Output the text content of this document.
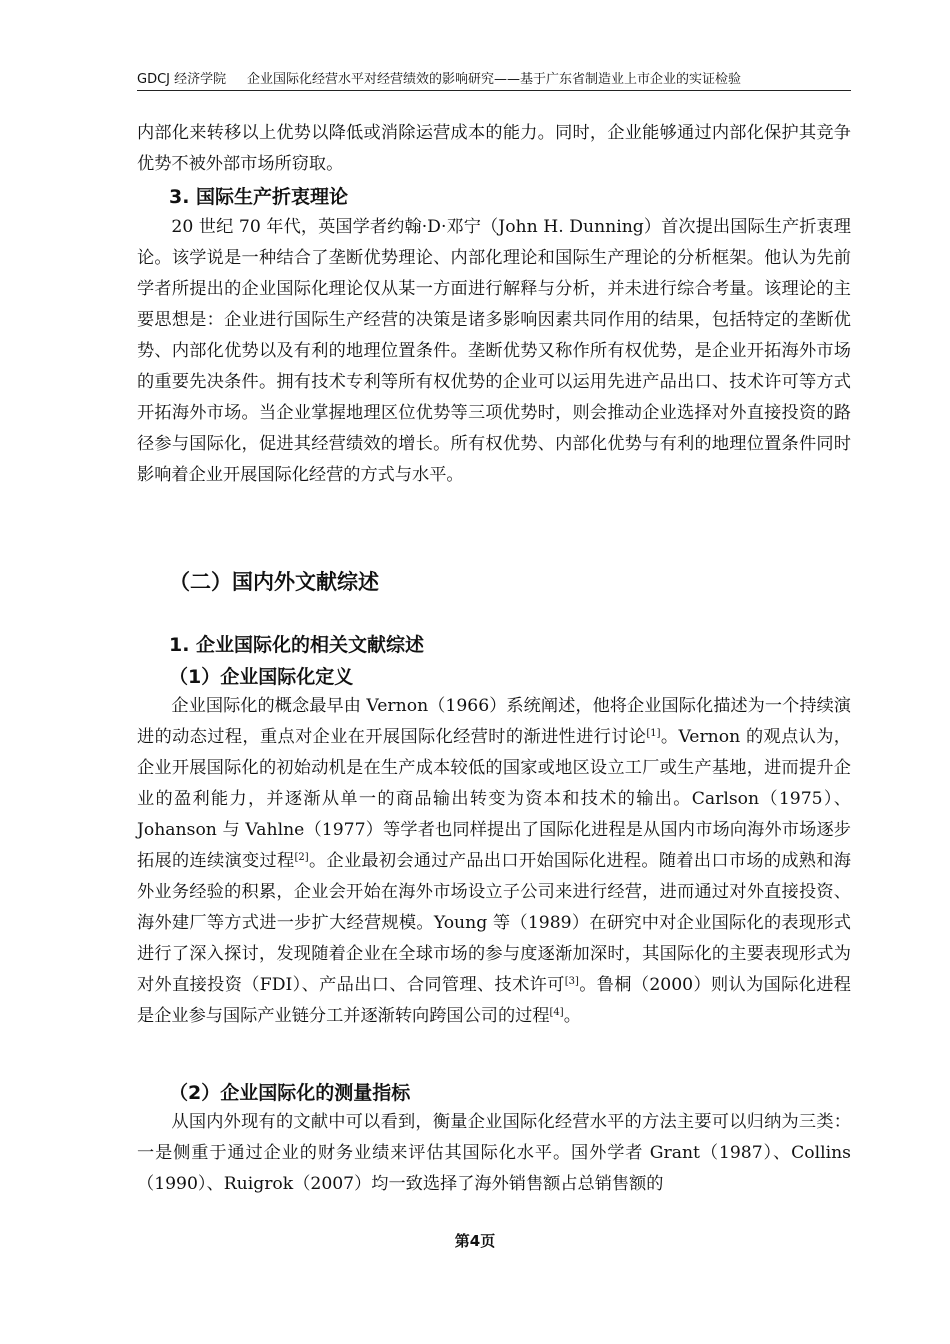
GDCJ 经济学院 企业国际化经营水平对经营绩效的影响研究——基于广东省制造业上市企业的实证检验

内部化来转移以上优势以降低或消除运营成本的能力。同时，企业能够通过内部化保护其竞争优势不被外部市场所窃取。

3. 国际生产折衷理论

20 世纪 70 年代，英国学者约翰·D·邓宁（John H. Dunning）首次提出国际生产折衷理论。该学说是一种结合了垄断优势理论、内部化理论和国际生产理论的分析框架。他认为先前学者所提出的企业国际化理论仅从某一方面进行解释与分析，并未进行综合考量。该理论的主要思想是：企业进行国际生产经营的决策是诸多影响因素共同作用的结果，包括特定的垄断优势、内部化优势以及有利的地理位置条件。垄断优势又称作所有权优势，是企业开拓海外市场的重要先决条件。拥有技术专利等所有权优势的企业可以运用先进产品出口、技术许可等方式开拓海外市场。当企业掌握地理区位优势等三项优势时，则会推动企业选择对外直接投资的路径参与国际化，促进其经营绩效的增长。所有权优势、内部化优势与有利的地理位置条件同时影响着企业开展国际化经营的方式与水平。

（二）国内外文献综述
1. 企业国际化的相关文献综述
（1）企业国际化定义

企业国际化的概念最早由 Vernon（1966）系统阐述，他将企业国际化描述为一个持续演进的动态过程，重点对企业在开展国际化经营时的渐进性进行讨论[1]。Vernon 的观点认为，企业开展国际化的初始动机是在生产成本较低的国家或地区设立工厂或生产基地，进而提升企业的盈利能力，并逐渐从单一的商品输出转变为资本和技术的输出。Carlson（1975）、 Johanson 与 Vahlne（1977）等学者也同样提出了国际化进程是从国内市场向海外市场逐步拓展的连续演变过程[2]。企业最初会通过产品出口开始国际化进程。随着出口市场的成熟和海外业务经验的积累，企业会开始在海外市场设立子公司来进行经营，进而通过对外直接投资、海外建厂等方式进一步扩大经营规模。Young 等（1989）在研究中对企业国际化的表现形式进行了深入探讨，发现随着企业在全球市场的参与度逐渐加深时，其国际化的主要表现形式为对外直接投资（FDI）、产品出口、合同管理、技术许可[3]。鲁桐（2000）则认为国际化进程是企业参与国际产业链分工并逐渐转向跨国公司的过程[4]。

（2）企业国际化的测量指标

从国内外现有的文献中可以看到，衡量企业国际化经营水平的方法主要可以归纳为三类：一是侧重于通过企业的财务业绩来评估其国际化水平。国外学者 Grant（1987）、Collins（1990）、Ruigrok（2007）均一致选择了海外销售额占总销售额的

第4页
